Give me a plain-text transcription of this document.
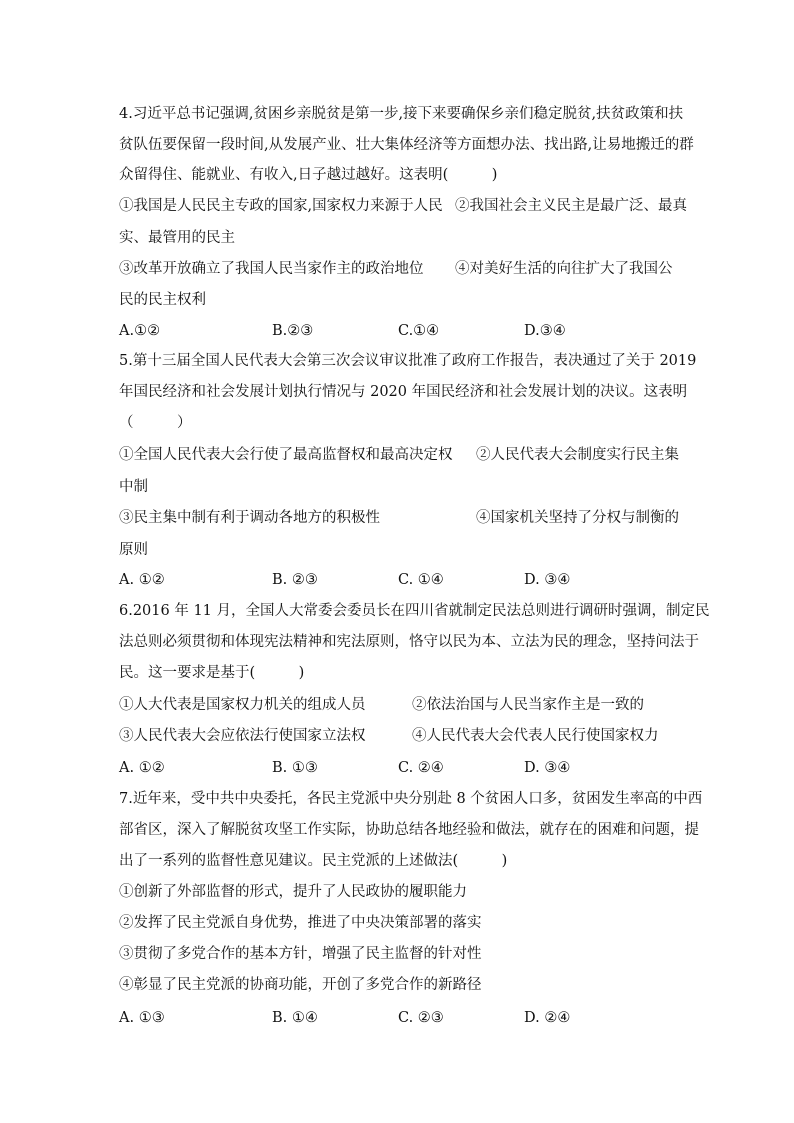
4.习近平总书记强调,贫困乡亲脱贫是第一步,接下来要确保乡亲们稳定脱贫,扶贫政策和扶
贫队伍要保留一段时间,从发展产业、壮大集体经济等方面想办法、找出路,让易地搬迁的群
众留得住、能就业、有收入,日子越过越好。这表明(　　　)
①我国是人民民主专政的国家,国家权力来源于人民 ②我国社会主义民主是最广泛、最真
实、最管用的民主
③改革开放确立了我国人民当家作主的政治地位 ④对美好生活的向往扩大了我国公
民的民主权利
A.①②	B.②③	C.①④	D.③④
5.第十三届全国人民代表大会第三次会议审议批准了政府工作报告，表决通过了关于 2019
年国民经济和社会发展计划执行情况与 2020 年国民经济和社会发展计划的决议。这表明
（　　　）
①全国人民代表大会行使了最高监督权和最高决定权 ②人民代表大会制度实行民主集
中制
③民主集中制有利于调动各地方的积极性	④国家机关坚持了分权与制衡的
原则
A. ①②	B. ②③	C. ①④	D. ③④
6.2016 年 11 月，全国人大常委会委员长在四川省就制定民法总则进行调研时强调，制定民
法总则必须贯彻和体现宪法精神和宪法原则，恪守以民为本、立法为民的理念，坚持问法于
民。这一要求是基于(　　　)
①人大代表是国家权力机关的组成人员	②依法治国与人民当家作主是一致的
③人民代表大会应依法行使国家立法权	④人民代表大会代表人民行使国家权力
A. ①②	B. ①③	C. ②④	D. ③④
7.近年来，受中共中央委托，各民主党派中央分别赴 8 个贫困人口多，贫困发生率高的中西
部省区，深入了解脱贫攻坚工作实际，协助总结各地经验和做法，就存在的困难和问题，提
出了一系列的监督性意见建议。民主党派的上述做法(　　　)
①创新了外部监督的形式，提升了人民政协的履职能力
②发挥了民主党派自身优势，推进了中央决策部署的落实
③贯彻了多党合作的基本方针，增强了民主监督的针对性
④彰显了民主党派的协商功能，开创了多党合作的新路径
A. ①③	B. ①④	C. ②③	D. ②④
